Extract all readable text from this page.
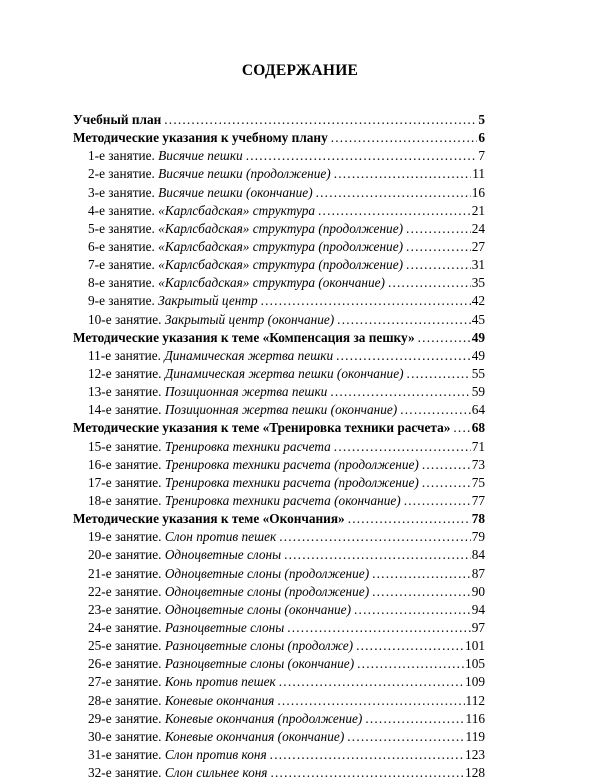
СОДЕРЖАНИЕ
Учебный план .....	5
Методические указания к учебному плану .....	6
1-е занятие. Висячие пешки .....	7
2-е занятие. Висячие пешки (продолжение) .....	11
3-е занятие. Висячие пешки (окончание) .....	16
4-е занятие. «Карлсбадская» структура .....	21
5-е занятие. «Карлсбадская» структура (продолжение) .....	24
6-е занятие. «Карлсбадская» структура (продолжение) .....	27
7-е занятие. «Карлсбадская» структура (продолжение) .....	31
8-е занятие. «Карлсбадская» структура (окончание) .....	35
9-е занятие. Закрытый центр .....	42
10-е занятие. Закрытый центр (окончание) .....	45
Методические указания к теме «Компенсация за пешку» .....	49
11-е занятие. Динамическая жертва пешки .....	49
12-е занятие. Динамическая жертва пешки (окончание) .....	55
13-е занятие. Позиционная жертва пешки .....	59
14-е занятие. Позиционная жертва пешки (окончание) .....	64
Методические указания к теме «Тренировка техники расчета» ..... 68
15-е занятие. Тренировка техники расчета .....	71
16-е занятие. Тренировка техники расчета (продолжение) .....	73
17-е занятие. Тренировка техники расчета (продолжение) .....	75
18-е занятие. Тренировка техники расчета (окончание) .....	77
Методические указания к теме «Окончания» .....	78
19-е занятие. Слон против пешек .....	79
20-е занятие. Одноцветные слоны .....	84
21-е занятие. Одноцветные слоны (продолжение) .....	87
22-е занятие. Одноцветные слоны (продолжение) .....	90
23-е занятие. Одноцветные слоны (окончание) .....	94
24-е занятие. Разноцветные слоны .....	97
25-е занятие. Разноцветные слоны (продолже) .....	101
26-е занятие. Разноцветные слоны (окончание) .....	105
27-е занятие. Конь против пешек .....	109
28-е занятие. Коневые окончания .....	112
29-е занятие. Коневые окончания (продолжение) .....	116
30-е занятие. Коневые окончания (окончание) .....	119
31-е занятие. Слон против коня .....	123
32-е занятие. Слон сильнее коня .....	128
